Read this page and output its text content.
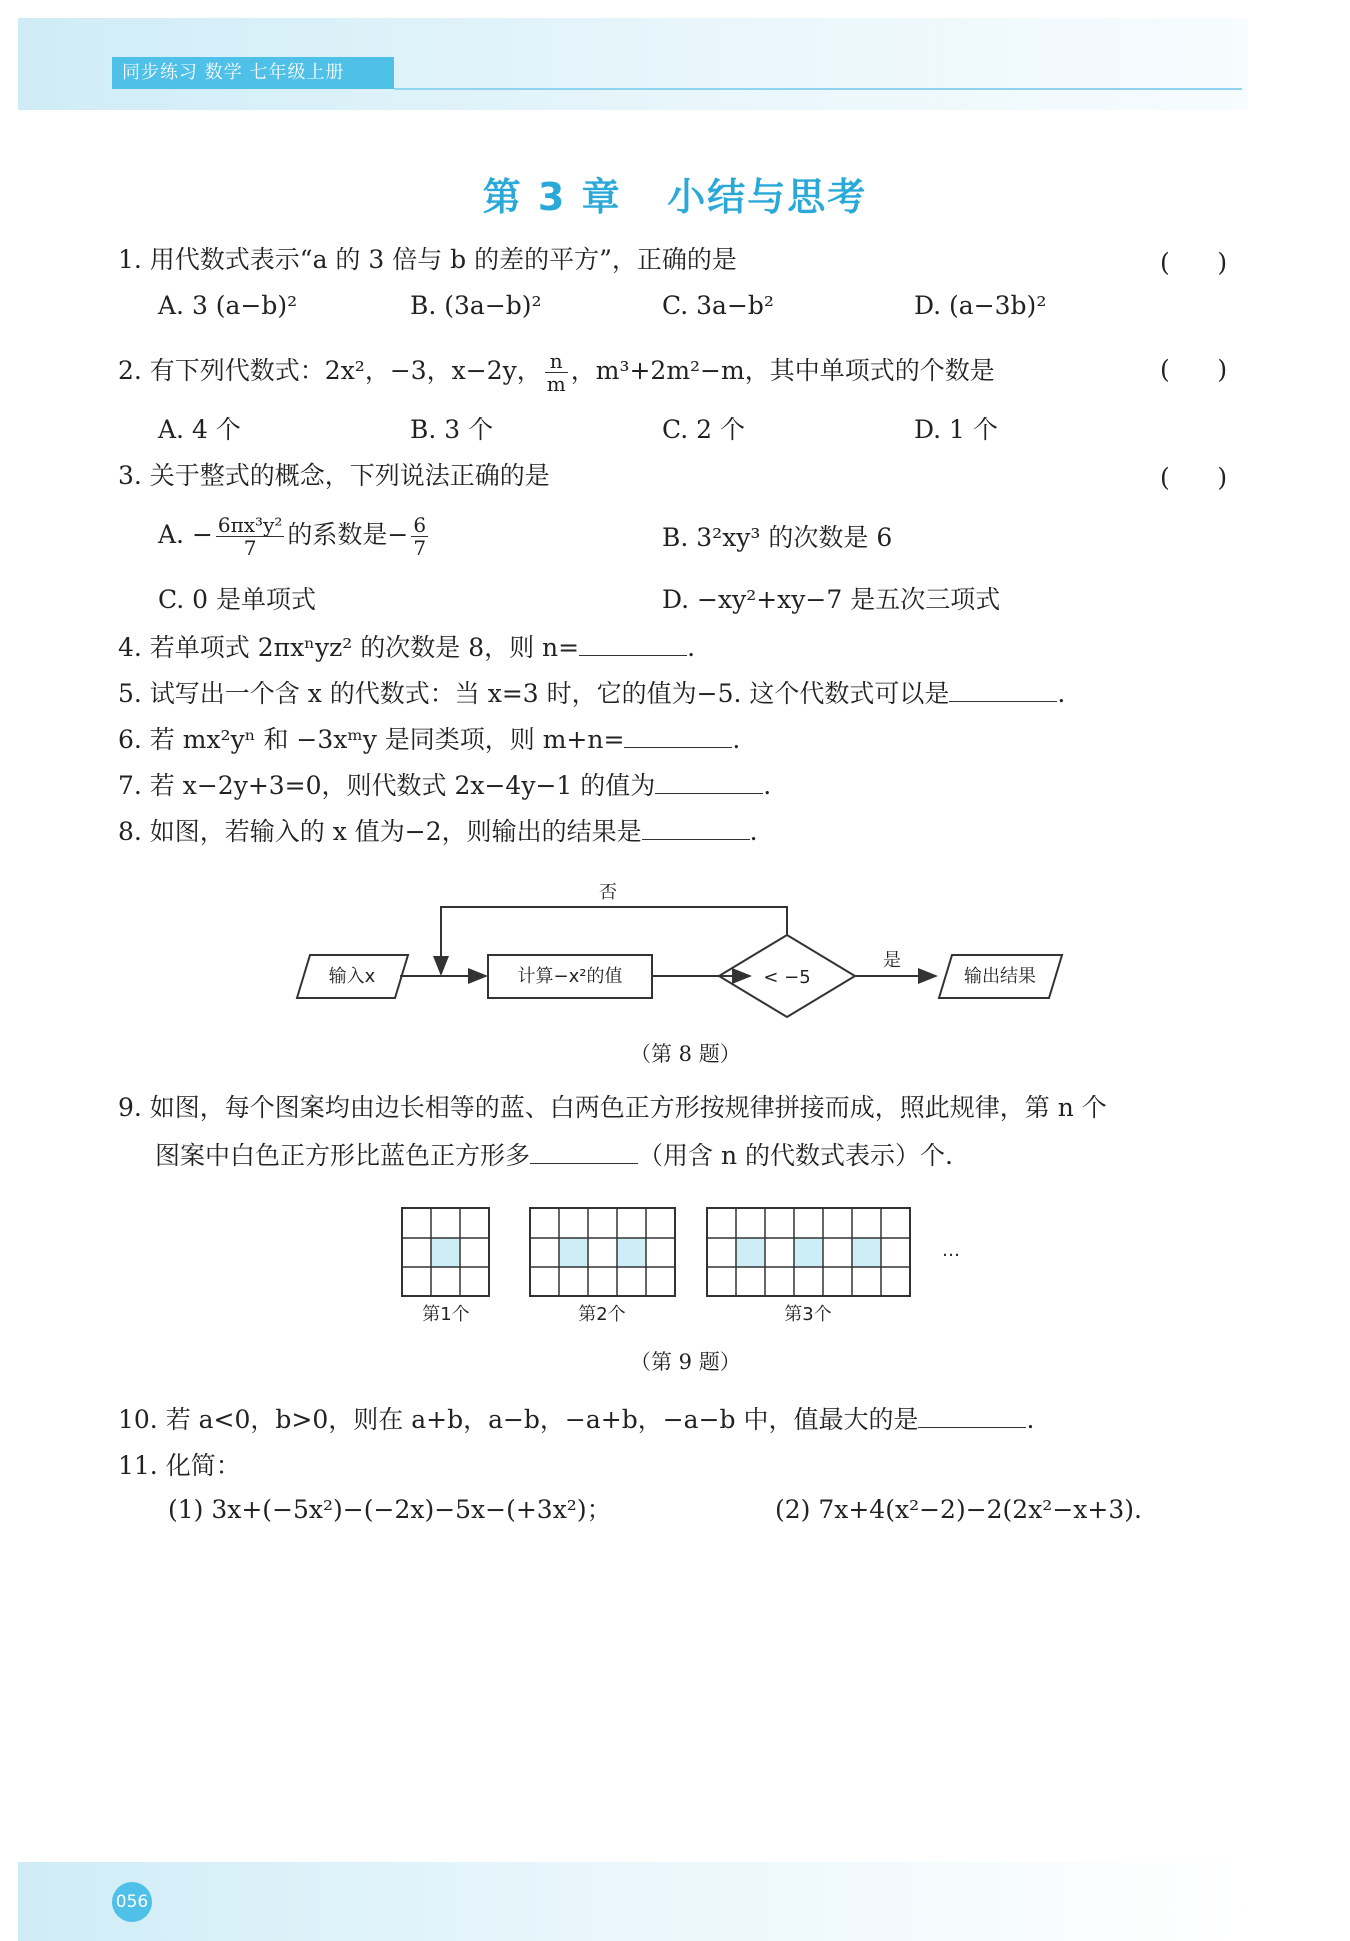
同步练习 数学 七年级上册
第 3 章   小结与思考
1. 用代数式表示“a 的 3 倍与 b 的差的平方”，正确的是	(      )
A. 3 (a−b)²	B. (3a−b)²	C. 3a−b²	D. (a−3b)²
2. 有下列代数式：2x²，−3，x−2y， $\frac{n}{m}$ ，m³+2m²−m，其中单项式的个数是	(      )
A. 4 个	B. 3 个	C. 2 个	D. 1 个
3. 关于整式的概念，下列说法正确的是	(      )
A. − $\frac{\text{6πx³y²}}{7}$ 的系数是− $\frac{6}{7}$	B. 3²xy³ 的次数是 6
C. 0 是单项式	D. −xy²+xy−7 是五次三项式
4. 若单项式 2πxⁿyz² 的次数是 8，则 n=	.
5. 试写出一个含 x 的代数式：当 x=3 时，它的值为−5. 这个代数式可以是	.
6. 若 mx²yⁿ 和 −3xᵐy 是同类项，则 m+n=	.
7. 若 x−2y+3=0，则代数式 2x−4y−1 的值为	.
8. 如图，若输入的 x 值为−2，则输出的结果是	.
输入x	计算−x²的值	< −5
是
输出结果
否
（第 8 题）
9. 如图，每个图案均由边长相等的蓝、白两色正方形按规律拼接而成，照此规律，第 n 个
图案中白色正方形比蓝色正方形多	（用含 n 的代数式表示）个.
第1个	第2个	第3个
…
（第 9 题）
10. 若 a<0，b>0，则在 a+b，a−b，−a+b，−a−b 中，值最大的是	.
11. 化简：
(1) 3x+(−5x²)−(−2x)−5x−(+3x²)；	(2) 7x+4(x²−2)−2(2x²−x+3).
056
